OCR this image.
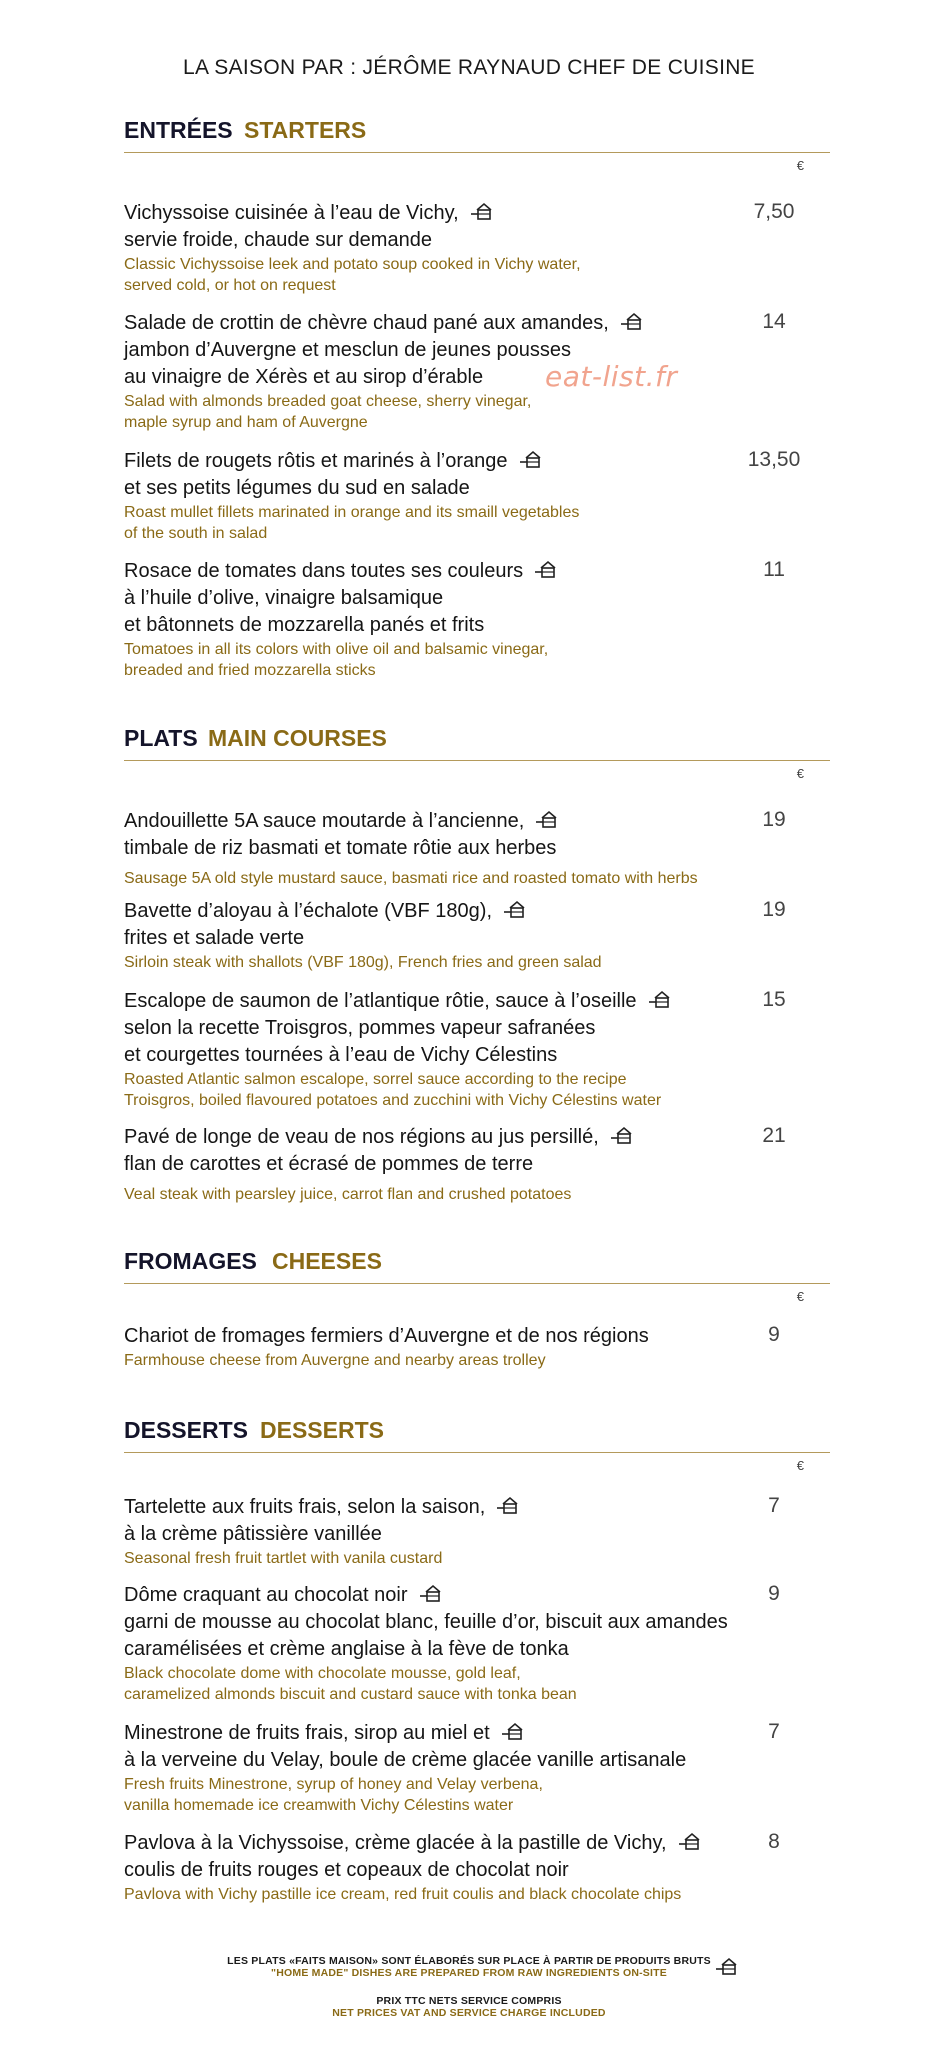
LA SAISON PAR : JÉRÔME RAYNAUD CHEF DE CUISINE
eat-list.fr
ENTRÉES STARTERS
€
Vichyssoise cuisinée à l’eau de Vichy,
servie froide, chaude sur demande
Classic Vichyssoise leek and potato soup cooked in Vichy water,
served cold, or hot on request
7,50
Salade de crottin de chèvre chaud pané aux amandes,
jambon d’Auvergne et mesclun de jeunes pousses
au vinaigre de Xérès et au sirop d’érable
Salad with almonds breaded goat cheese, sherry vinegar,
maple syrup and ham of Auvergne
14
Filets de rougets rôtis et marinés à l’orange
et ses petits légumes du sud en salade
Roast mullet fillets marinated in orange and its smaill vegetables
of the south in salad
13,50
Rosace de tomates dans toutes ses couleurs
à l’huile d’olive, vinaigre balsamique
et bâtonnets de mozzarella panés et frits
Tomatoes in all its colors with olive oil and balsamic vinegar,
breaded and fried mozzarella sticks
11
PLATS MAIN COURSES
€
Andouillette 5A sauce moutarde à l’ancienne,
timbale de riz basmati et tomate rôtie aux herbes
Sausage 5A old style mustard sauce, basmati rice and roasted tomato with herbs
19
Bavette d’aloyau à l’échalote (VBF 180g),
frites et salade verte
Sirloin steak with shallots (VBF 180g), French fries and green salad
19
Escalope de saumon de l’atlantique rôtie, sauce à l’oseille
selon la recette Troisgros, pommes vapeur safranées
et courgettes tournées à l’eau de Vichy Célestins
Roasted Atlantic salmon escalope, sorrel sauce according to the recipe
Troisgros, boiled flavoured potatoes and zucchini with Vichy Célestins water
15
Pavé de longe de veau de nos régions au jus persillé,
flan de carottes et écrasé de pommes de terre
Veal steak with pearsley juice, carrot flan and crushed potatoes
21
FROMAGES CHEESES
€
Chariot de fromages fermiers d’Auvergne et de nos régions
Farmhouse cheese from Auvergne and nearby areas trolley
9
DESSERTS DESSERTS
€
Tartelette aux fruits frais, selon la saison,
à la crème pâtissière vanillée
Seasonal fresh fruit tartlet with vanila custard
7
Dôme craquant au chocolat noir
garni de mousse au chocolat blanc, feuille d’or, biscuit aux amandes
caramélisées et crème anglaise à la fève de tonka
Black chocolate dome with chocolate mousse, gold leaf,
caramelized almonds biscuit and custard sauce with tonka bean
9
Minestrone de fruits frais, sirop au miel et
à la verveine du Velay, boule de crème glacée vanille artisanale
Fresh fruits Minestrone, syrup of honey and Velay verbena,
vanilla homemade ice creamwith Vichy Célestins water
7
Pavlova à la Vichyssoise, crème glacée à la pastille de Vichy,
coulis de fruits rouges et copeaux de chocolat noir
Pavlova with Vichy pastille ice cream, red fruit coulis and black chocolate chips
8
LES PLATS «FAITS MAISON» SONT ÉLABORÉS SUR PLACE À PARTIR DE PRODUITS BRUTS
"HOME MADE" DISHES ARE PREPARED FROM RAW INGREDIENTS ON-SITE
PRIX TTC NETS SERVICE COMPRIS
NET PRICES VAT AND SERVICE CHARGE INCLUDED
